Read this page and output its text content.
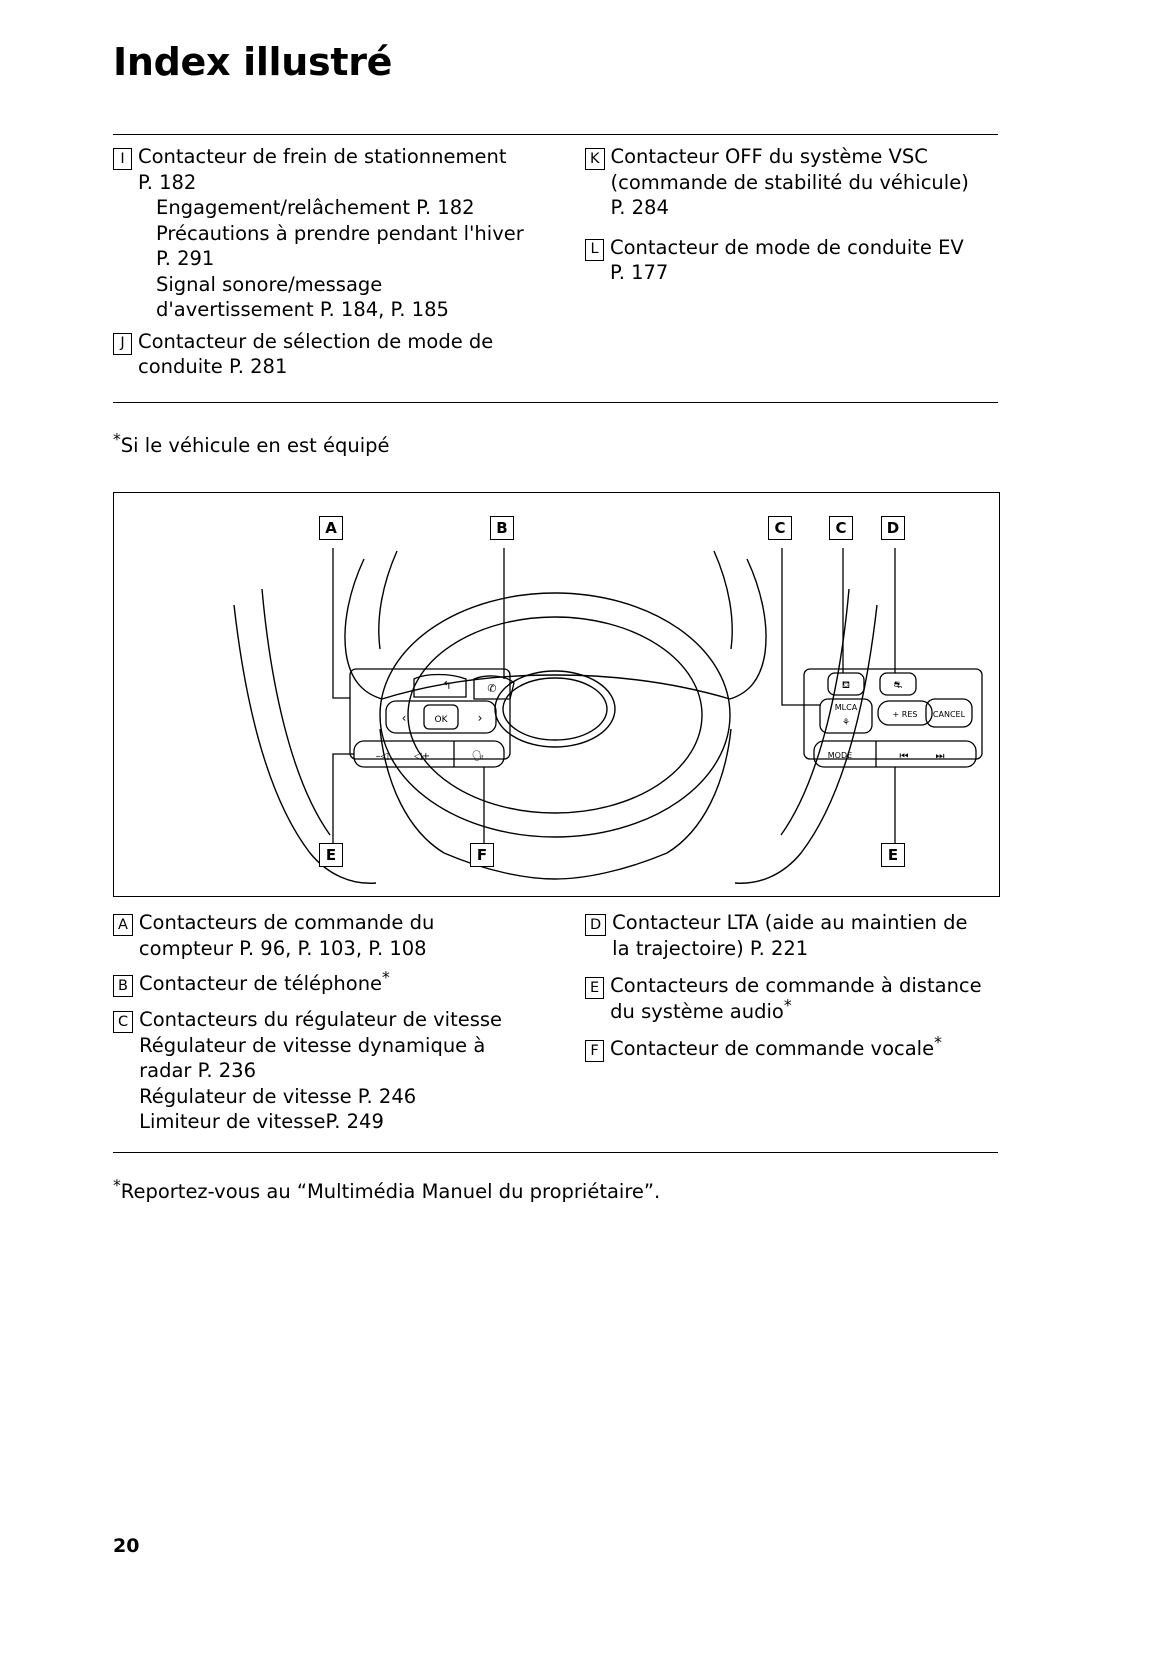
Index illustré
I Contacteur de frein de stationnement
P. 182
Engagement/relâchement P. 182
Précautions à prendre pendant l'hiver
P. 291
Signal sonore/message
d'avertissement P. 184, P. 185
J Contacteur de sélection de mode de
conduite P. 281
K Contacteur OFF du système VSC
(commande de stabilité du véhicule)
P. 284
L Contacteur de mode de conduite EV
P. 177
*Si le véhicule en est équipé
OK
‹	›
↰	✆
–◁	◁+	🗣
⛾	⛐
MLCA
⚘
+ RES CANCEL
MODE	⏮	⏭
A	B	C	C	D
E	F	E
A Contacteurs de commande du
compteur P. 96, P. 103, P. 108
B Contacteur de téléphone*
C Contacteurs du régulateur de vitesse
Régulateur de vitesse dynamique à
radar P. 236
Régulateur de vitesse P. 246
Limiteur de vitesseP. 249
D Contacteur LTA (aide au maintien de
la trajectoire) P. 221
E Contacteurs de commande à distance
du système audio*
F Contacteur de commande vocale*
*Reportez-vous au “Multimédia Manuel du propriétaire”.
20
